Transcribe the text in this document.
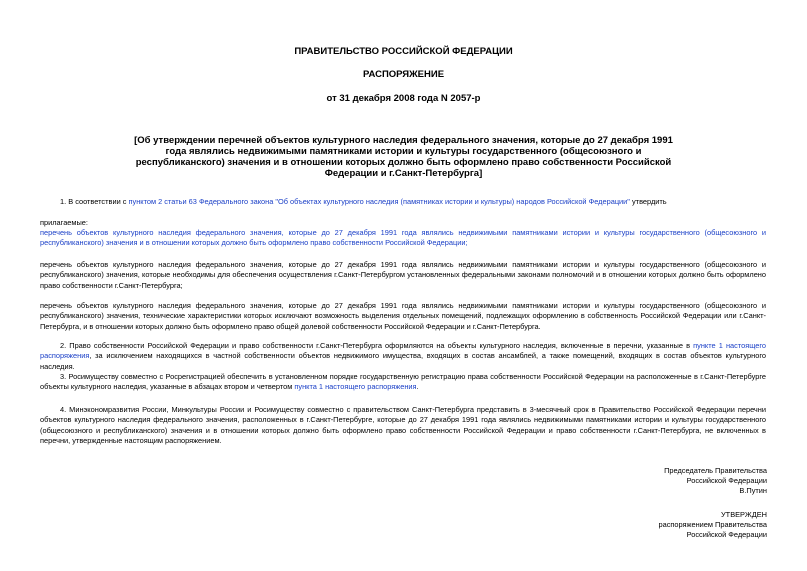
ПРАВИТЕЛЬСТВО РОССИЙСКОЙ ФЕДЕРАЦИИ
РАСПОРЯЖЕНИЕ
от 31 декабря 2008 года N 2057-р
[Об утверждении перечней объектов культурного наследия федерального значения, которые до 27 декабря 1991 года являлись недвижимыми памятниками истории и культуры государственного (общесоюзного и республиканского) значения и в отношении которых должно быть оформлено право собственности Российской Федерации и г.Санкт-Петербурга]
1. В соответствии с пунктом 2 статьи 63 Федерального закона "Об объектах культурного наследия (памятниках истории и культуры) народов Российской Федерации" утвердить
прилагаемые:
перечень объектов культурного наследия федерального значения, которые до 27 декабря 1991 года являлись недвижимыми памятниками истории и культуры государственного (общесоюзного и республиканского) значения и в отношении которых должно быть оформлено право собственности Российской Федерации;
перечень объектов культурного наследия федерального значения, которые до 27 декабря 1991 года являлись недвижимыми памятниками истории и культуры государственного (общесоюзного и республиканского) значения, которые необходимы для обеспечения осуществления г.Санкт-Петербургом установленных федеральными законами полномочий и в отношении которых должно быть оформлено право собственности г.Санкт-Петербурга;
перечень объектов культурного наследия федерального значения, которые до 27 декабря 1991 года являлись недвижимыми памятниками истории и культуры государственного (общесоюзного и республиканского) значения, технические характеристики которых исключают возможность выделения отдельных помещений, подлежащих оформлению в собственность Российской Федерации или г.Санкт-Петербурга, и в отношении которых должно быть оформлено право общей долевой собственности Российской Федерации и г.Санкт-Петербурга.
2. Право собственности Российской Федерации и право собственности г.Санкт-Петербурга оформляются на объекты культурного наследия, включенные в перечни, указанные в пункте 1 настоящего распоряжения, за исключением находящихся в частной собственности объектов недвижимого имущества, входящих в состав ансамблей, а также помещений, входящих в состав объектов культурного наследия.
3. Росимуществу совместно с Росрегистрацией обеспечить в установленном порядке государственную регистрацию права собственности Российской Федерации на расположенные в г.Санкт-Петербурге объекты культурного наследия, указанные в абзацах втором и четвертом пункта 1 настоящего распоряжения.
4. Минэкономразвития России, Минкультуры России и Росимуществу совместно с правительством Санкт-Петербурга представить в 3-месячный срок в Правительство Российской Федерации перечни объектов культурного наследия федерального значения, расположенных в г.Санкт-Петербурге, которые до 27 декабря 1991 года являлись недвижимыми памятниками истории и культуры государственного (общесоюзного и республиканского) значения и в отношении которых должно быть оформлено право собственности Российской Федерации и право собственности г.Санкт-Петербурга, не включенных в перечни, утвержденные настоящим распоряжением.
Председатель Правительства
Российской Федерации
В.Путин
УТВЕРЖДЕН
распоряжением Правительства
Российской Федерации
